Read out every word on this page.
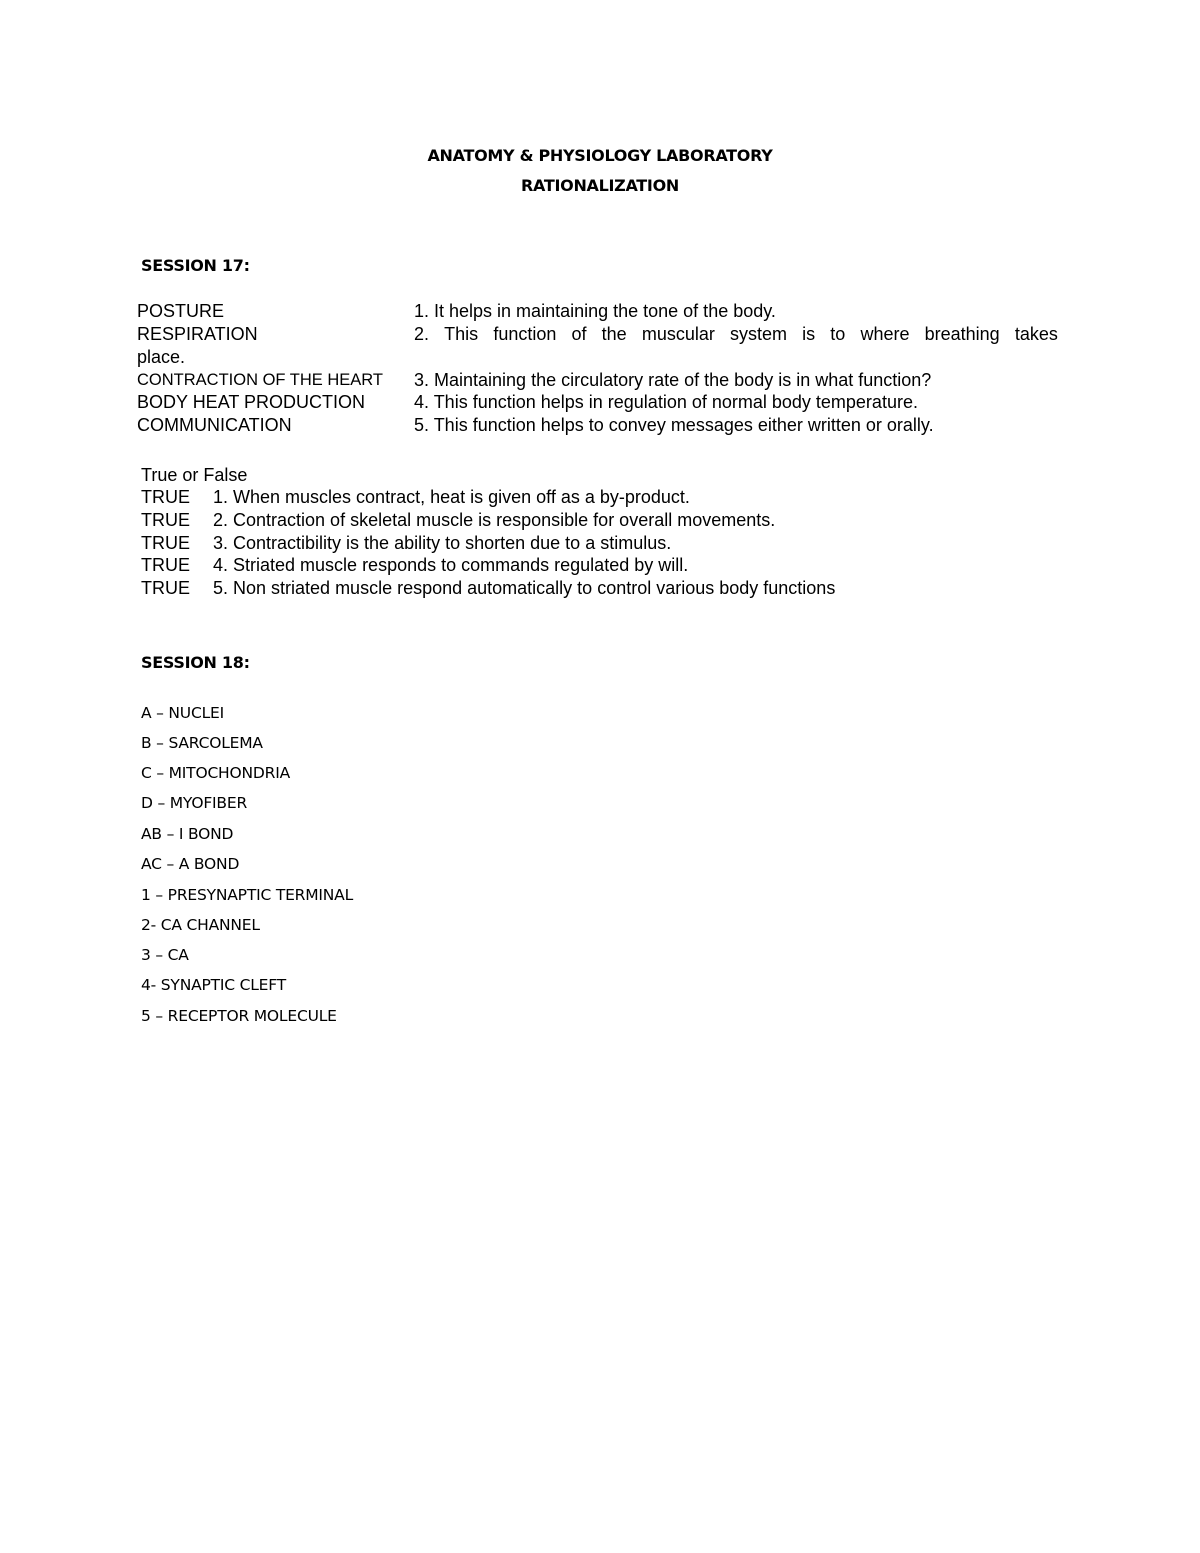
ANATOMY & PHYSIOLOGY LABORATORY
RATIONALIZATION
SESSION 17:
POSTURE	1. It helps in maintaining the tone of the body.
RESPIRATION	2. This function of the muscular system is to where breathing takes
place.
CONTRACTION OF THE HEART 3. Maintaining the circulatory rate of the body is in what function?
BODY HEAT PRODUCTION	4. This function helps in regulation of normal body temperature.
COMMUNICATION	5. This function helps to convey messages either written or orally.
True or False
TRUE 1. When muscles contract, heat is given off as a by-product.
TRUE 2. Contraction of skeletal muscle is responsible for overall movements.
TRUE 3. Contractibility is the ability to shorten due to a stimulus.
TRUE 4. Striated muscle responds to commands regulated by will.
TRUE 5. Non striated muscle respond automatically to control various body functions
SESSION 18:
A – NUCLEI
B – SARCOLEMA
C – MITOCHONDRIA
D – MYOFIBER
AB – I BOND
AC – A BOND
1 – PRESYNAPTIC TERMINAL
2- CA CHANNEL
3 – CA
4- SYNAPTIC CLEFT
5 – RECEPTOR MOLECULE
